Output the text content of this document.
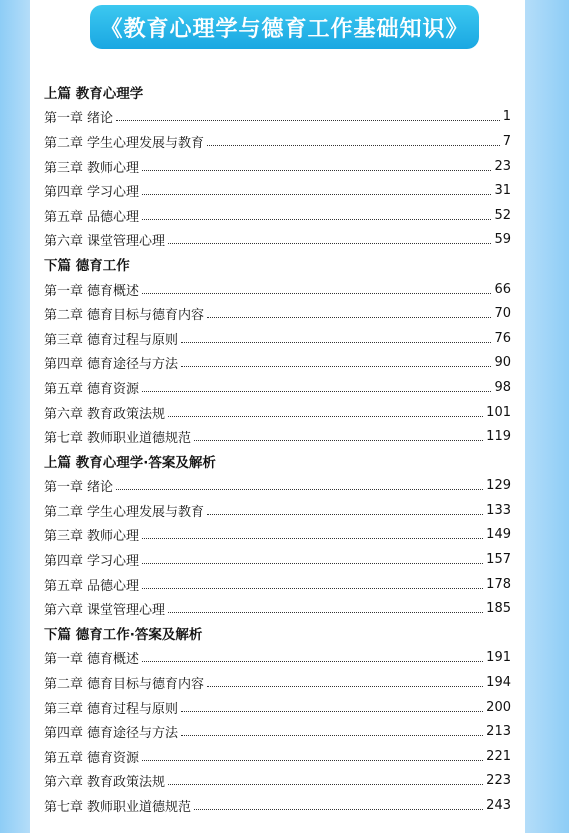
《教育心理学与德育工作基础知识》
上篇 教育心理学
第一章 绪论	1
第二章 学生心理发展与教育	7
第三章 教师心理	23
第四章 学习心理	31
第五章 品德心理	52
第六章 课堂管理心理	59
下篇 德育工作
第一章 德育概述	66
第二章 德育目标与德育内容	70
第三章 德育过程与原则	76
第四章 德育途径与方法	90
第五章 德育资源	98
第六章 教育政策法规	101
第七章 教师职业道德规范	119
上篇 教育心理学·答案及解析
第一章 绪论	129
第二章 学生心理发展与教育	133
第三章 教师心理	149
第四章 学习心理	157
第五章 品德心理	178
第六章 课堂管理心理	185
下篇 德育工作·答案及解析
第一章 德育概述	191
第二章 德育目标与德育内容	194
第三章 德育过程与原则	200
第四章 德育途径与方法	213
第五章 德育资源	221
第六章 教育政策法规	223
第七章 教师职业道德规范	243
